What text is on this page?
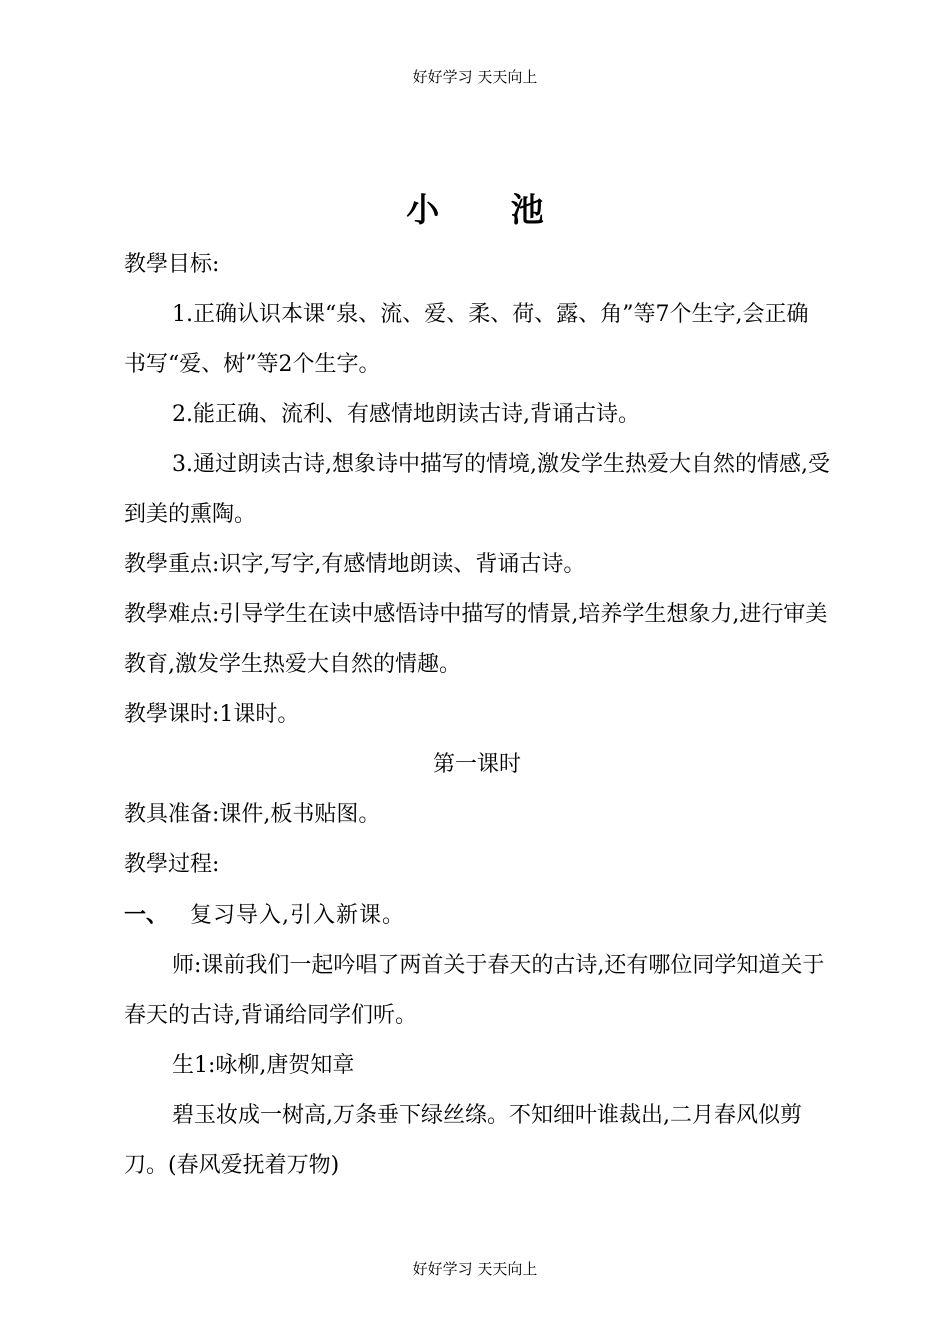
好好学习 天天向上
小 池

教學目标:

1.正确认识本课“泉、流、爱、柔、荷、露、角”等7个生字,会正确书写“爱、树”等2个生字。

2.能正确、流利、有感情地朗读古诗,背诵古诗。

3.通过朗读古诗,想象诗中描写的情境,激发学生热爱大自然的情感,受到美的熏陶。

教學重点:识字,写字,有感情地朗读、背诵古诗。

教學难点:引导学生在读中感悟诗中描写的情景,培养学生想象力,进行审美教育,激发学生热爱大自然的情趣。

教學课时:1课时。

第一课时

教具准备:课件,板书贴图。

教學过程:

一、 复习导入,引入新课。

师:课前我们一起吟唱了两首关于春天的古诗,还有哪位同学知道关于春天的古诗,背诵给同学们听。

生1:咏柳,唐贺知章

碧玉妆成一树高,万条垂下绿丝绦。不知细叶谁裁出,二月春风似剪刀。(春风爱抚着万物)

好好学习 天天向上
